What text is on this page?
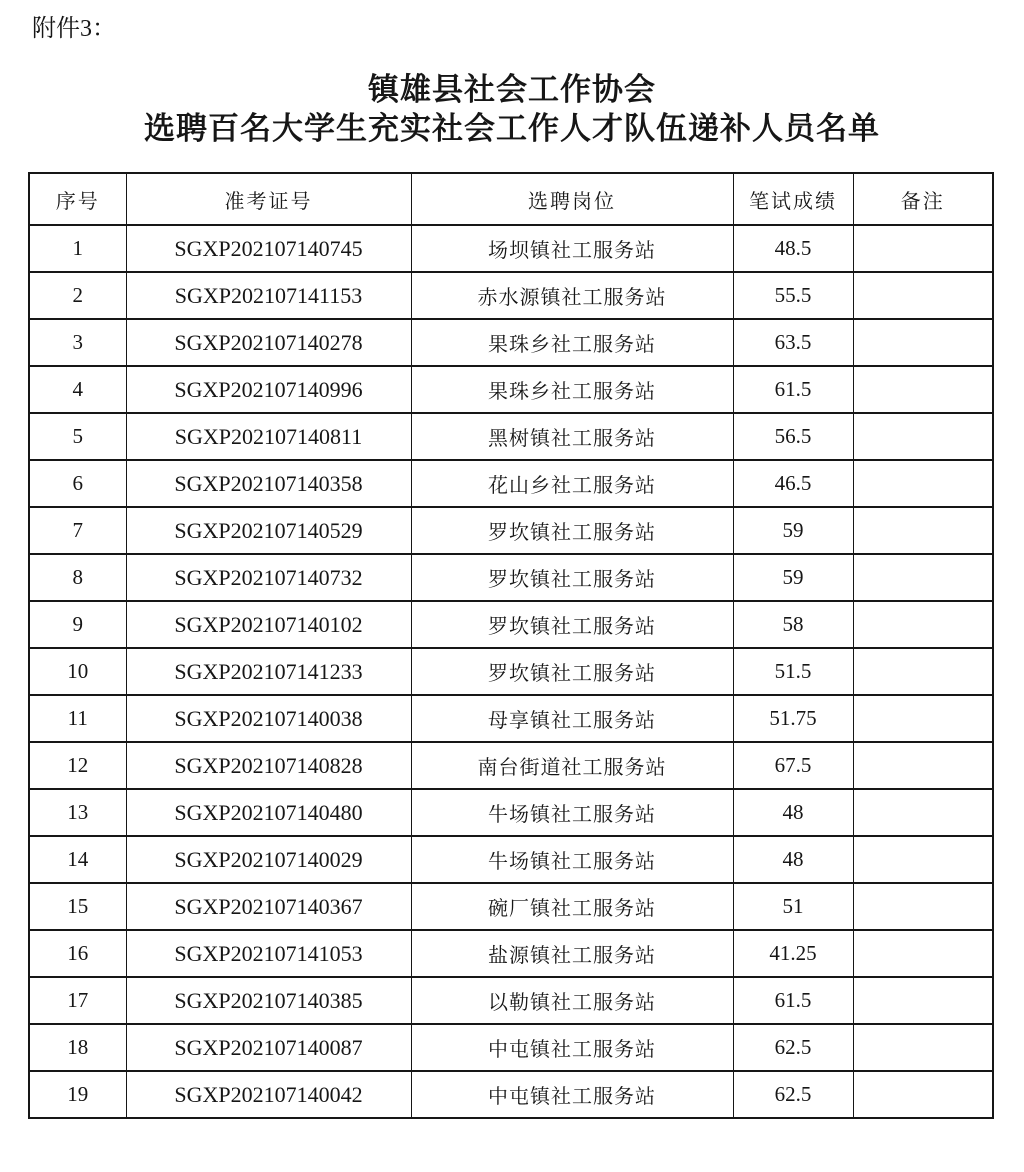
附件3：
镇雄县社会工作协会
选聘百名大学生充实社会工作人才队伍递补人员名单
序号	准考证号	选聘岗位	笔试成绩	备注
1	SGXP202107140745	场坝镇社工服务站	48.5	
2	SGXP202107141153	赤水源镇社工服务站	55.5	
3	SGXP202107140278	果珠乡社工服务站	63.5	
4	SGXP202107140996	果珠乡社工服务站	61.5	
5	SGXP202107140811	黑树镇社工服务站	56.5	
6	SGXP202107140358	花山乡社工服务站	46.5	
7	SGXP202107140529	罗坎镇社工服务站	59	
8	SGXP202107140732	罗坎镇社工服务站	59	
9	SGXP202107140102	罗坎镇社工服务站	58	
10	SGXP202107141233	罗坎镇社工服务站	51.5	
11	SGXP202107140038	母享镇社工服务站	51.75	
12	SGXP202107140828	南台街道社工服务站	67.5	
13	SGXP202107140480	牛场镇社工服务站	48	
14	SGXP202107140029	牛场镇社工服务站	48	
15	SGXP202107140367	碗厂镇社工服务站	51	
16	SGXP202107141053	盐源镇社工服务站	41.25	
17	SGXP202107140385	以勒镇社工服务站	61.5	
18	SGXP202107140087	中屯镇社工服务站	62.5	
19	SGXP202107140042	中屯镇社工服务站	62.5	
